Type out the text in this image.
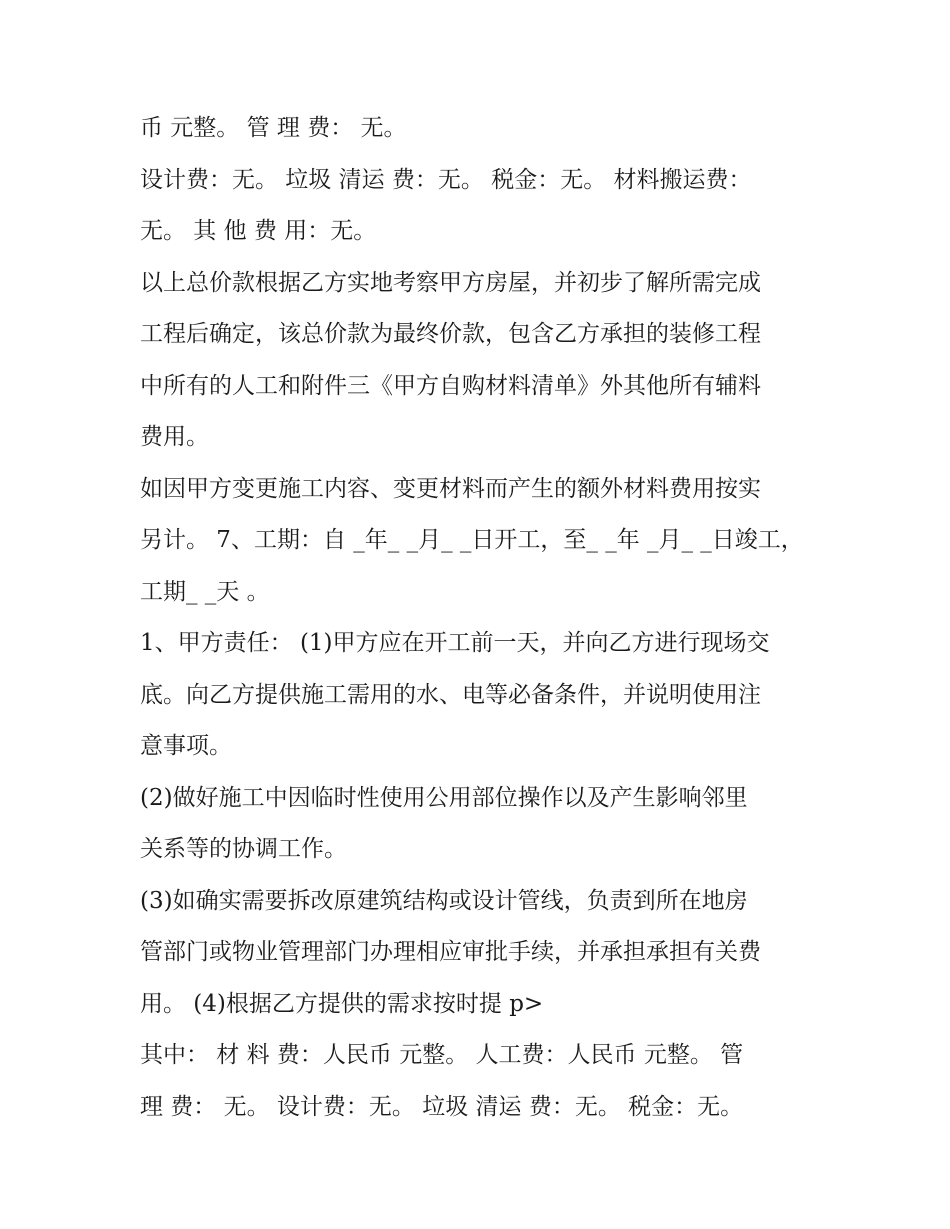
币 元整。 管 理 费： 无。
设计费：无。 垃圾 清运 费：无。 税金：无。 材料搬运费：
无。 其 他 费 用：无。
以上总价款根据乙方实地考察甲方房屋，并初步了解所需完成
工程后确定，该总价款为最终价款，包含乙方承担的装修工程
中所有的人工和附件三《甲方自购材料清单》外其他所有辅料
费用。
如因甲方变更施工内容、变更材料而产生的额外材料费用按实
另计。 7、工期：自 _年_ _月_ _日开工，至_ _年 _月_ _日竣工，
工期_ _天 。
1、甲方责任： (1)甲方应在开工前一天，并向乙方进行现场交
底。向乙方提供施工需用的水、电等必备条件，并说明使用注
意事项。
(2)做好施工中因临时性使用公用部位操作以及产生影响邻里
关系等的协调工作。
(3)如确实需要拆改原建筑结构或设计管线，负责到所在地房
管部门或物业管理部门办理相应审批手续，并承担承担有关费
用。 (4)根据乙方提供的需求按时提 p>
其中： 材 料 费：人民币 元整。 人工费：人民币 元整。 管
理 费： 无。 设计费：无。 垃圾 清运 费：无。 税金：无。
